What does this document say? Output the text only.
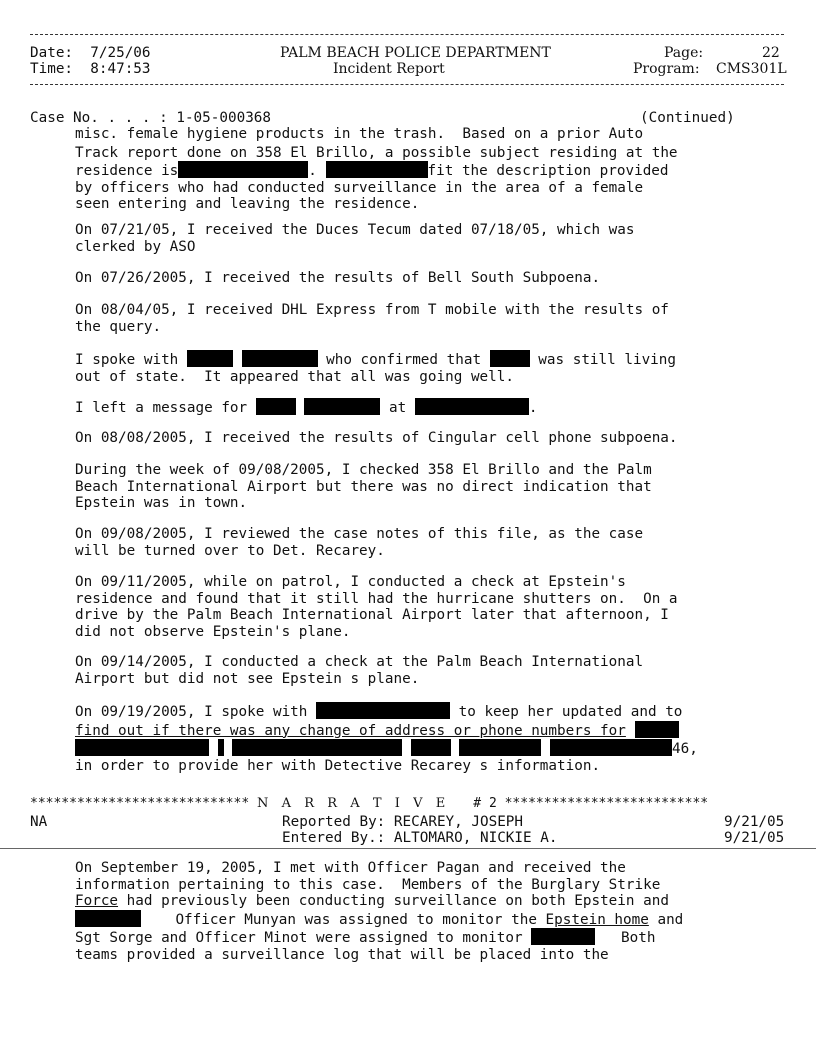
Date: 7/25/06
Time: 8:47:53
PALM BEACH POLICE DEPARTMENT
Incident Report
Page:	22
Program: CMS301L
Case No. . . . : 1-05-000368	(Continued)
misc. female hygiene products in the trash.  Based on a prior Auto
Track report done on 358 El Brillo, a possible subject residing at the
residence is	.	fit the description provided
by officers who had conducted surveillance in the area of a female
seen entering and leaving the residence.
On 07/21/05, I received the Duces Tecum dated 07/18/05, which was
clerked by ASO
On 07/26/2005, I received the results of Bell South Subpoena.
On 08/04/05, I received DHL Express from T mobile with the results of
the query.
I spoke with	who confirmed that	was still living
out of state.  It appeared that all was going well.
I left a message for	at	.
On 08/08/2005, I received the results of Cingular cell phone subpoena.
During the week of 09/08/2005, I checked 358 El Brillo and the Palm
Beach International Airport but there was no direct indication that
Epstein was in town.
On 09/08/2005, I reviewed the case notes of this file, as the case
will be turned over to Det. Recarey.
On 09/11/2005, while on patrol, I conducted a check at Epstein's
residence and found that it still had the hurricane shutters on.  On a
drive by the Palm Beach International Airport later that afternoon, I
did not observe Epstein's plane.
On 09/14/2005, I conducted a check at the Palm Beach International
Airport but did not see Epstein s plane.
On 09/19/2005, I spoke with	to keep her updated and to
find out if there was any change of address or phone numbers for
46,
in order to provide her with Detective Recarey s information.
**************************** N A R R A T I V E # 2 **************************
NA	Reported By: RECAREY, JOSEPH
Entered By.: ALTOMARO, NICKIE A.
9/21/05
9/21/05
On September 19, 2005, I met with Officer Pagan and received the
information pertaining to this case.  Members of the Burglary Strike
Force had previously been conducting surveillance on both Epstein and
Officer Munyan was assigned to monitor the Epstein home and
Sgt Sorge and Officer Minot were assigned to monitor	Both
teams provided a surveillance log that will be placed into the
